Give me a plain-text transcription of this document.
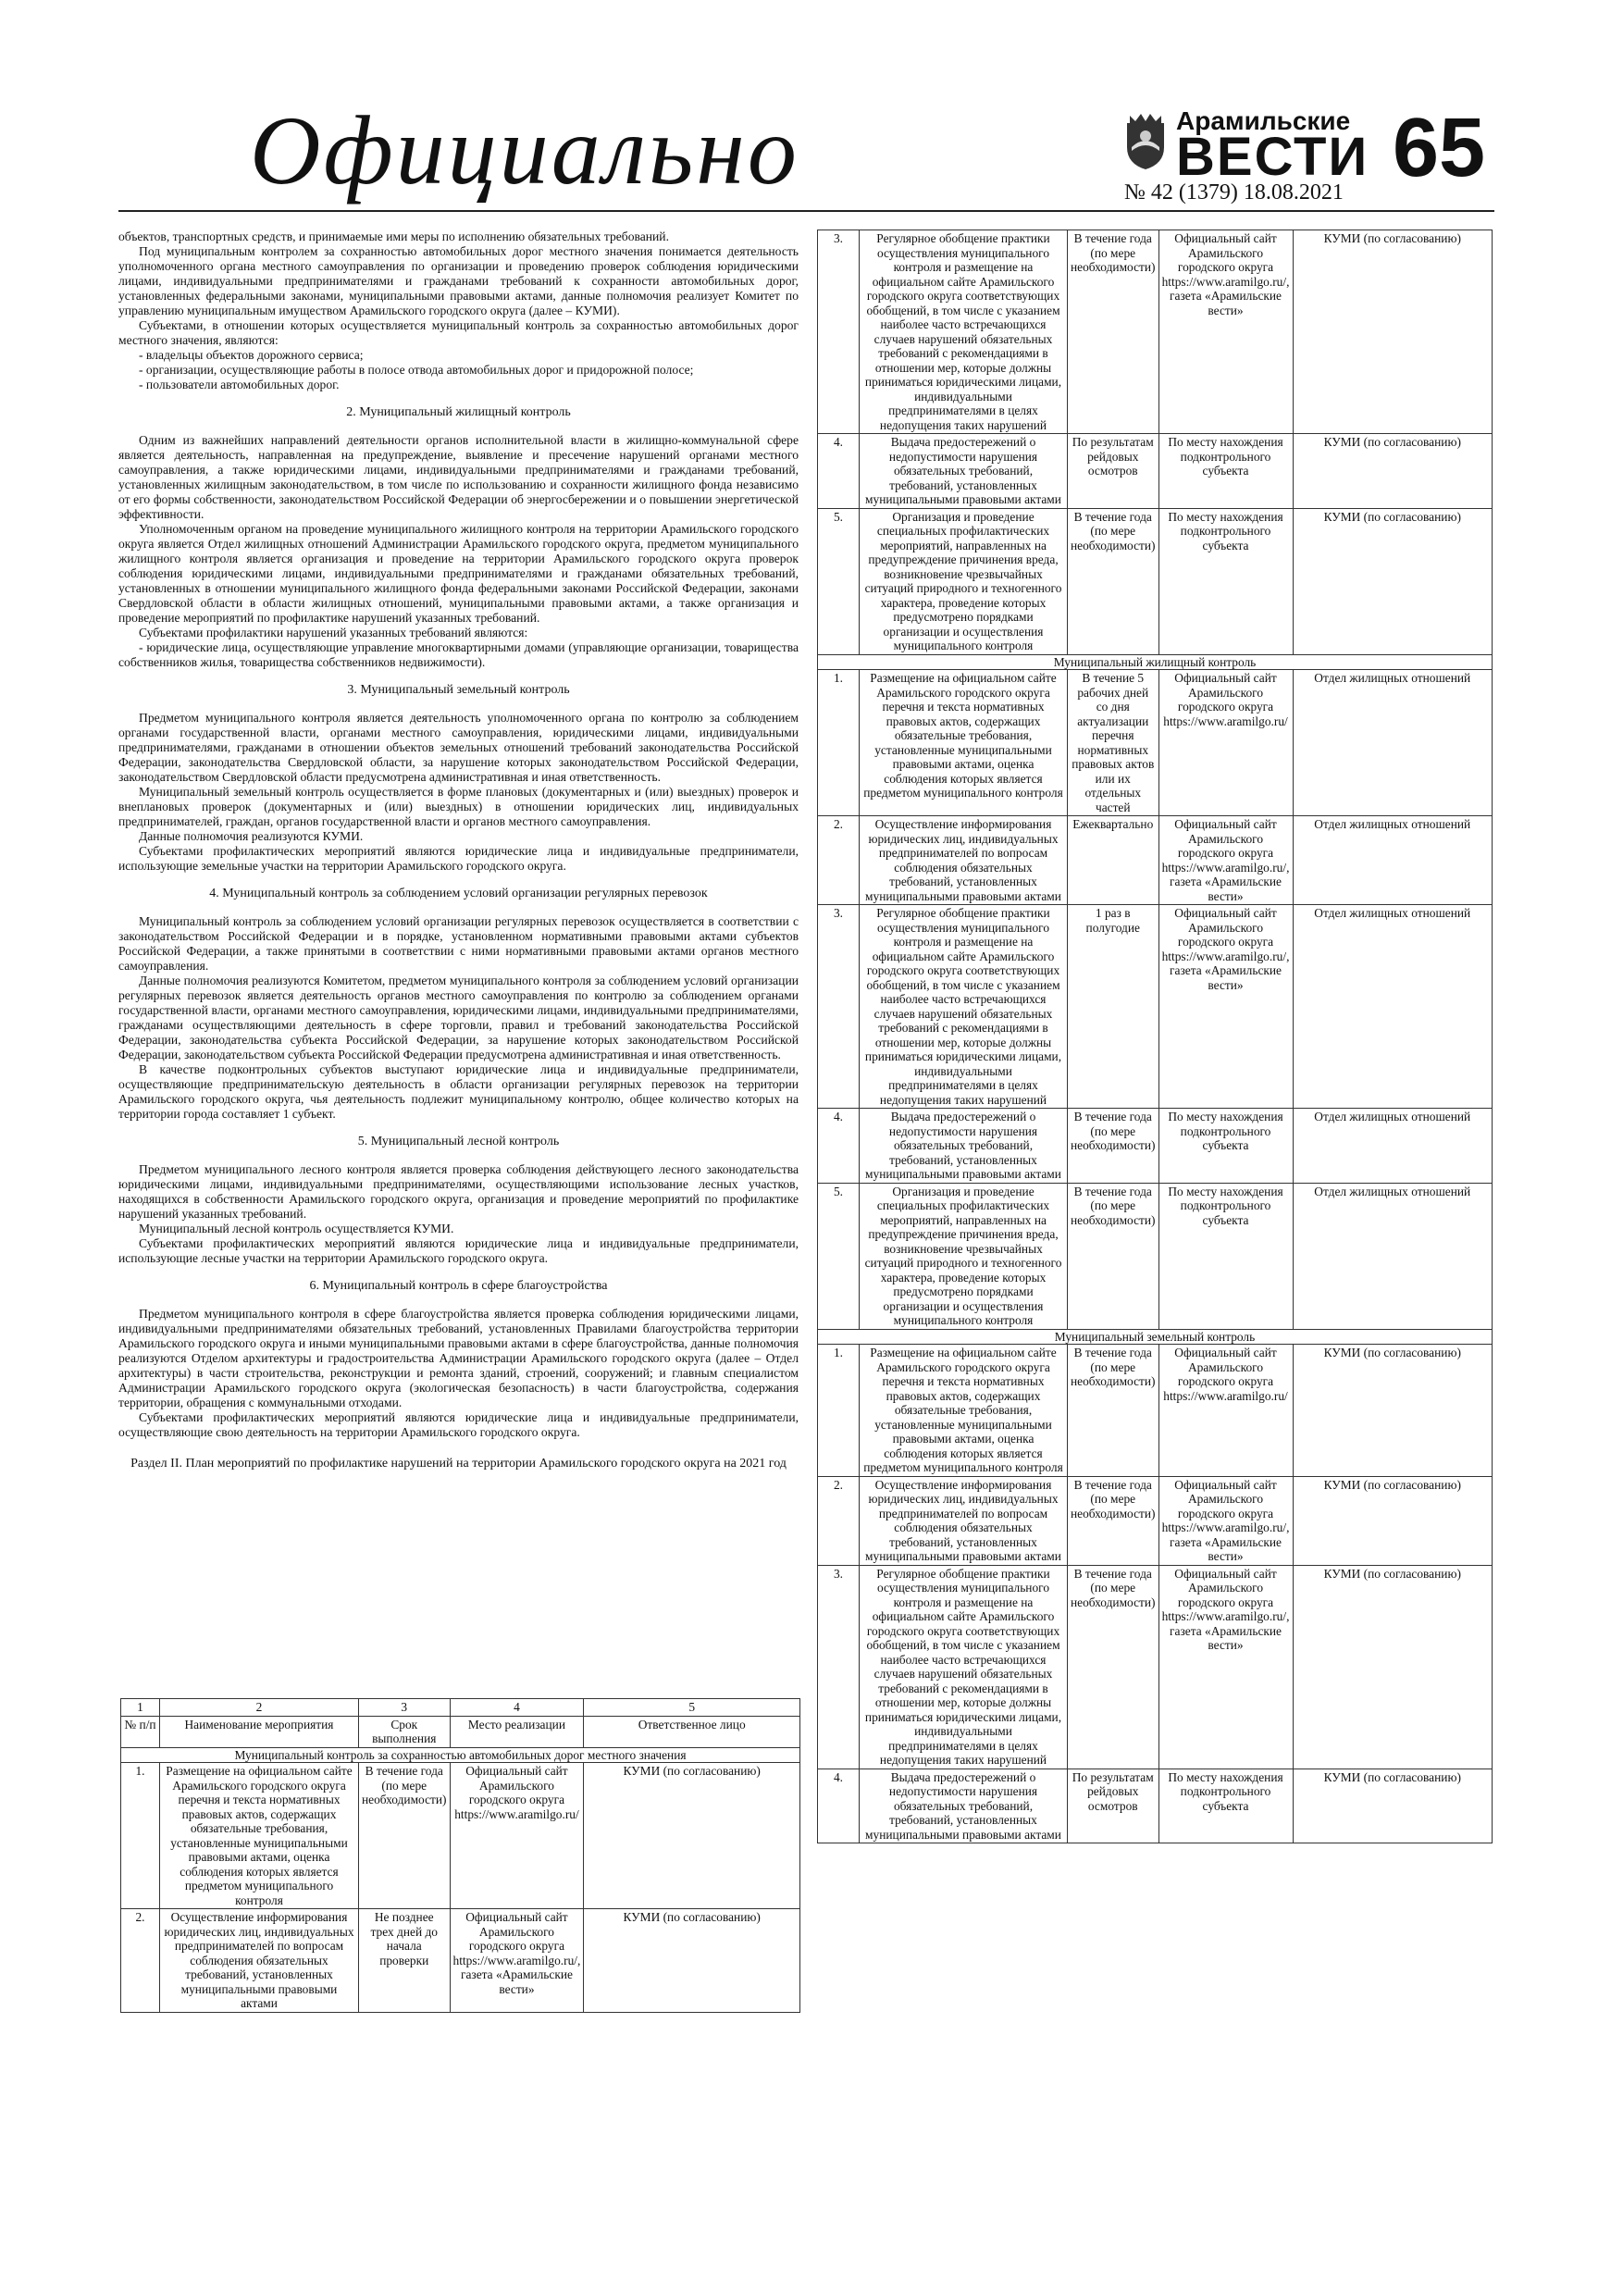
Официально	Арамильские
ВЕСТИ
№ 42 (1379) 18.08.2021 65

объектов, транспортных средств, и принимаемые ими меры по исполнению обязательных требований.

Под муниципальным контролем за сохранностью автомобильных дорог местного значения понимается деятельность уполномоченного органа местного самоуправления по организации и проведению проверок соблюдения юридическими лицами, индивидуальными предпринимателями и гражданами требований к сохранности автомобильных дорог, установленных федеральными законами, муниципальными правовыми актами, данные полномочия реализует Комитет по управлению муниципальным имуществом Арамильского городского округа (далее – КУМИ).

Субъектами, в отношении которых осуществляется муниципальный контроль за сохранностью автомобильных дорог местного значения, являются:

- владельцы объектов дорожного сервиса;

- организации, осуществляющие работы в полосе отвода автомобильных дорог и придорожной полосе;

- пользователи автомобильных дорог.

2. Муниципальный жилищный контроль

Одним из важнейших направлений деятельности органов исполнительной власти в жилищно-коммунальной сфере является деятельность, направленная на предупреждение, выявление и пресечение нарушений органами местного самоуправления, а также юридическими лицами, индивидуальными предпринимателями и гражданами требований, установленных жилищным законодательством, в том числе по использованию и сохранности жилищного фонда независимо от его формы собственности, законодательством Российской Федерации об энергосбережении и о повышении энергетической эффективности.

Уполномоченным органом на проведение муниципального жилищного контроля на территории Арамильского городского округа является Отдел жилищных отношений Администрации Арамильского городского округа, предметом муниципального жилищного контроля является организация и проведение на территории Арамильского городского округа проверок соблюдения юридическими лицами, индивидуальными предпринимателями и гражданами обязательных требований, установленных в отношении муниципального жилищного фонда федеральными законами Российской Федерации, законами Свердловской области в области жилищных отношений, муниципальными правовыми актами, а также организация и проведение мероприятий по профилактике нарушений указанных требований.

Субъектами профилактики нарушений указанных требований являются:

- юридические лица, осуществляющие управление многоквартирными домами (управляющие организации, товарищества собственников жилья, товарищества собственников недвижимости).

3. Муниципальный земельный контроль

Предметом муниципального контроля является деятельность уполномоченного органа по контролю за соблюдением органами государственной власти, органами местного самоуправления, юридическими лицами, индивидуальными предпринимателями, гражданами в отношении объектов земельных отношений требований законодательства Российской Федерации, законодательства Свердловской области, за нарушение которых законодательством Российской Федерации, законодательством Свердловской области предусмотрена административная и иная ответственность.

Муниципальный земельный контроль осуществляется в форме плановых (документарных и (или) выездных) проверок и внеплановых проверок (документарных и (или) выездных) в отношении юридических лиц, индивидуальных предпринимателей, граждан, органов государственной власти и органов местного самоуправления.

Данные полномочия реализуются КУМИ.

Субъектами профилактических мероприятий являются юридические лица и индивидуальные предприниматели, использующие земельные участки на территории Арамильского городского округа.

4. Муниципальный контроль за соблюдением условий организации регулярных перевозок

Муниципальный контроль за соблюдением условий организации регулярных перевозок осуществляется в соответствии с законодательством Российской Федерации и в порядке, установленном нормативными правовыми актами субъектов Российской Федерации, а также принятыми в соответствии с ними нормативными правовыми актами органов местного самоуправления.

Данные полномочия реализуются Комитетом, предметом муниципального контроля за соблюдением условий организации регулярных перевозок является деятельность органов местного самоуправления по контролю за соблюдением органами государственной власти, органами местного самоуправления, юридическими лицами, индивидуальными предпринимателями, гражданами осуществляющими деятельность в сфере торговли, правил и требований законодательства Российской Федерации, законодательства субъекта Российской Федерации, за нарушение которых законодательством Российской Федерации, законодательством субъекта Российской Федерации предусмотрена административная и иная ответственность.

В качестве подконтрольных субъектов выступают юридические лица и индивидуальные предприниматели, осуществляющие предпринимательскую деятельность в области организации регулярных перевозок на территории Арамильского городского округа, чья деятельность подлежит муниципальному контролю, общее количество которых на территории города составляет 1 субъект.

5. Муниципальный лесной контроль

Предметом муниципального лесного контроля является проверка соблюдения действующего лесного законодательства юридическими лицами, индивидуальными предпринимателями, осуществляющими использование лесных участков, находящихся в собственности Арамильского городского округа, организация и проведение мероприятий по профилактике нарушений указанных требований.

Муниципальный лесной контроль осуществляется КУМИ.

Субъектами профилактических мероприятий являются юридические лица и индивидуальные предприниматели, использующие лесные участки на территории Арамильского городского округа.

6. Муниципальный контроль в сфере благоустройства

Предметом муниципального контроля в сфере благоустройства является проверка соблюдения юридическими лицами, индивидуальными предпринимателями обязательных требований, установленных Правилами благоустройства территории Арамильского городского округа и иными муниципальными правовыми актами в сфере благоустройства, данные полномочия реализуются Отделом архитектуры и градостроительства Администрации Арамильского городского округа (далее – Отдел архитектуры) в части строительства, реконструкции и ремонта зданий, строений, сооружений; и главным специалистом Администрации Арамильского городского округа (экологическая безопасность) в части благоустройства, содержания территории, обращения с коммунальными отходами.

Субъектами профилактических мероприятий являются юридические лица и индивидуальные предприниматели, осуществляющие свою деятельность на территории Арамильского городского округа.

Раздел II. План мероприятий по профилактике нарушений на территории Арамильского городского округа на 2021 год
1	2	3	4	5
№ п/п	Наименование мероприятия	Срок выполнения	Место реализации	Ответственное лицо
Муниципальный контроль за сохранностью автомобильных дорог местного значения				
1.	Размещение на официальном сайте Арамильского городского округа перечня и текста нормативных правовых актов, содержащих обязательные требования, установленные муниципальными правовыми актами, оценка соблюдения которых является предметом муниципального контроля	В течение года (по мере необходимости)	Официальный сайт Арамильского городского округа https://www.aramilgo.ru/	КУМИ (по согласованию)
2.	Осуществление информирования юридических лиц, индивидуальных предпринимателей по вопросам соблюдения обязательных требований, установленных муниципальными правовыми актами	Не позднее трех дней до начала проверки	Официальный сайт Арамильского городского округа https://www.aramilgo.ru/, газета «Арамильские вести»	КУМИ (по согласованию)
3.	Регулярное обобщение практики осуществления муниципального контроля и размещение на официальном сайте Арамильского городского округа соответствующих обобщений, в том числе с указанием наиболее часто встречающихся случаев нарушений обязательных требований с рекомендациями в отношении мер, которые должны приниматься юридическими лицами, индивидуальными предпринимателями в целях недопущения таких нарушений	В течение года (по мере необходимости)	Официальный сайт Арамильского городского округа https://www.aramilgo.ru/, газета «Арамильские вести»	КУМИ (по согласованию)
4.	Выдача предостережений о недопустимости нарушения обязательных требований, требований, установленных муниципальными правовыми актами	По результатам рейдовых осмотров	По месту нахождения подконтрольного субъекта	КУМИ (по согласованию)
5.	Организация и проведение специальных профилактических мероприятий, направленных на предупреждение причинения вреда, возникновение чрезвычайных ситуаций природного и техногенного характера, проведение которых предусмотрено порядками организации и осуществления муниципального контроля	В течение года (по мере необходимости)	По месту нахождения подконтрольного субъекта	КУМИ (по согласованию)
Муниципальный жилищный контроль				
1.	Размещение на официальном сайте Арамильского городского округа перечня и текста нормативных правовых актов, содержащих обязательные требования, установленные муниципальными правовыми актами, оценка соблюдения которых является предметом муниципального контроля	В течение 5 рабочих дней со дня актуализации перечня нормативных правовых актов или их отдельных частей	Официальный сайт Арамильского городского округа https://www.aramilgo.ru/	Отдел жилищных отношений
2.	Осуществление информирования юридических лиц, индивидуальных предпринимателей по вопросам соблюдения обязательных требований, установленных муниципальными правовыми актами	Ежеквартально	Официальный сайт Арамильского городского округа https://www.aramilgo.ru/, газета «Арамильские вести»	Отдел жилищных отношений
3.	Регулярное обобщение практики осуществления муниципального контроля и размещение на официальном сайте Арамильского городского округа соответствующих обобщений, в том числе с указанием наиболее часто встречающихся случаев нарушений обязательных требований с рекомендациями в отношении мер, которые должны приниматься юридическими лицами, индивидуальными предпринимателями в целях недопущения таких нарушений	1 раз в полугодие	Официальный сайт Арамильского городского округа https://www.aramilgo.ru/, газета «Арамильские вести»	Отдел жилищных отношений
4.	Выдача предостережений о недопустимости нарушения обязательных требований, требований, установленных муниципальными правовыми актами	В течение года (по мере необходимости)	По месту нахождения подконтрольного субъекта	Отдел жилищных отношений
5.	Организация и проведение специальных профилактических мероприятий, направленных на предупреждение причинения вреда, возникновение чрезвычайных ситуаций природного и техногенного характера, проведение которых предусмотрено порядками организации и осуществления муниципального контроля	В течение года (по мере необходимости)	По месту нахождения подконтрольного субъекта	Отдел жилищных отношений
Муниципальный земельный контроль				
1.	Размещение на официальном сайте Арамильского городского округа перечня и текста нормативных правовых актов, содержащих обязательные требования, установленные муниципальными правовыми актами, оценка соблюдения которых является предметом муниципального контроля	В течение года (по мере необходимости)	Официальный сайт Арамильского городского округа https://www.aramilgo.ru/	КУМИ (по согласованию)
2.	Осуществление информирования юридических лиц, индивидуальных предпринимателей по вопросам соблюдения обязательных требований, установленных муниципальными правовыми актами	В течение года (по мере необходимости)	Официальный сайт Арамильского городского округа https://www.aramilgo.ru/, газета «Арамильские вести»	КУМИ (по согласованию)
3.	Регулярное обобщение практики осуществления муниципального контроля и размещение на официальном сайте Арамильского городского округа соответствующих обобщений, в том числе с указанием наиболее часто встречающихся случаев нарушений обязательных требований с рекомендациями в отношении мер, которые должны приниматься юридическими лицами, индивидуальными предпринимателями в целях недопущения таких нарушений	В течение года (по мере необходимости)	Официальный сайт Арамильского городского округа https://www.aramilgo.ru/, газета «Арамильские вести»	КУМИ (по согласованию)
4.	Выдача предостережений о недопустимости нарушения обязательных требований, требований, установленных муниципальными правовыми актами	По результатам рейдовых осмотров	По месту нахождения подконтрольного субъекта	КУМИ (по согласованию)
